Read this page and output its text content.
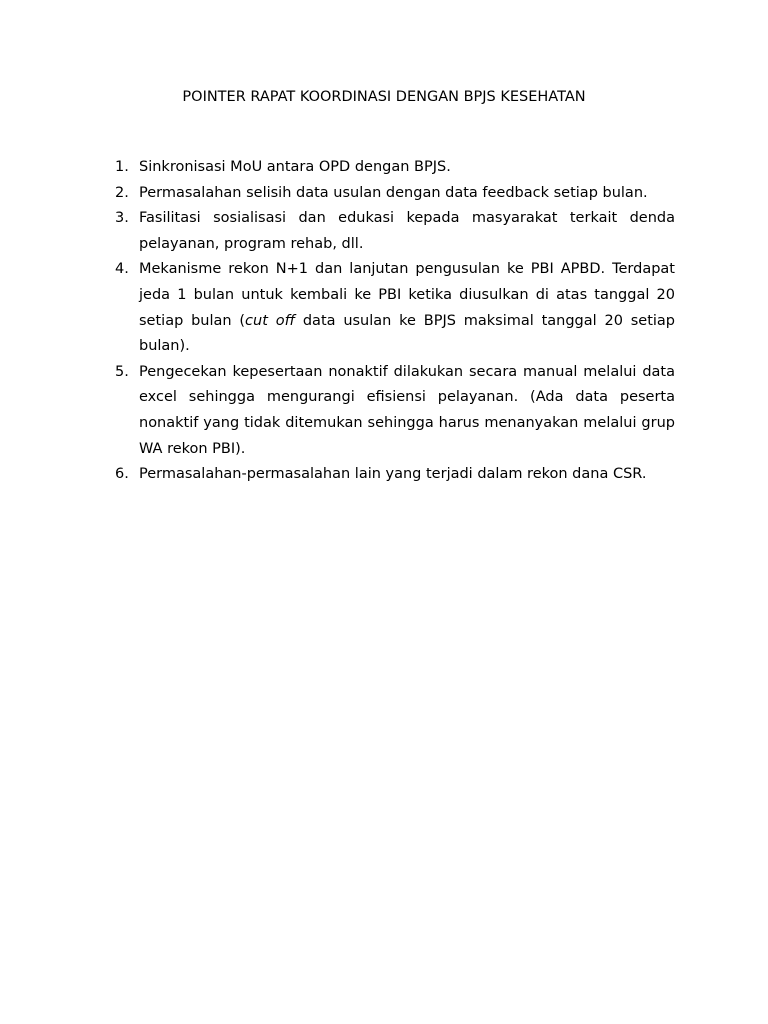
POINTER RAPAT KOORDINASI DENGAN BPJS KESEHATAN
1. Sinkronisasi MoU antara OPD dengan BPJS.
2. Permasalahan selisih data usulan dengan data feedback setiap bulan.
3. Fasilitasi sosialisasi dan edukasi kepada masyarakat terkait denda pelayanan, program rehab, dll.
4. Mekanisme rekon N+1 dan lanjutan pengusulan ke PBI APBD. Terdapat jeda 1 bulan untuk kembali ke PBI ketika diusulkan di atas tanggal 20 setiap bulan (cut off data usulan ke BPJS maksimal tanggal 20 setiap bulan).
5. Pengecekan kepesertaan nonaktif dilakukan secara manual melalui data excel sehingga mengurangi efisiensi pelayanan. (Ada data peserta nonaktif yang tidak ditemukan sehingga harus menanyakan melalui grup WA rekon PBI).
6. Permasalahan-permasalahan lain yang terjadi dalam rekon dana CSR.
